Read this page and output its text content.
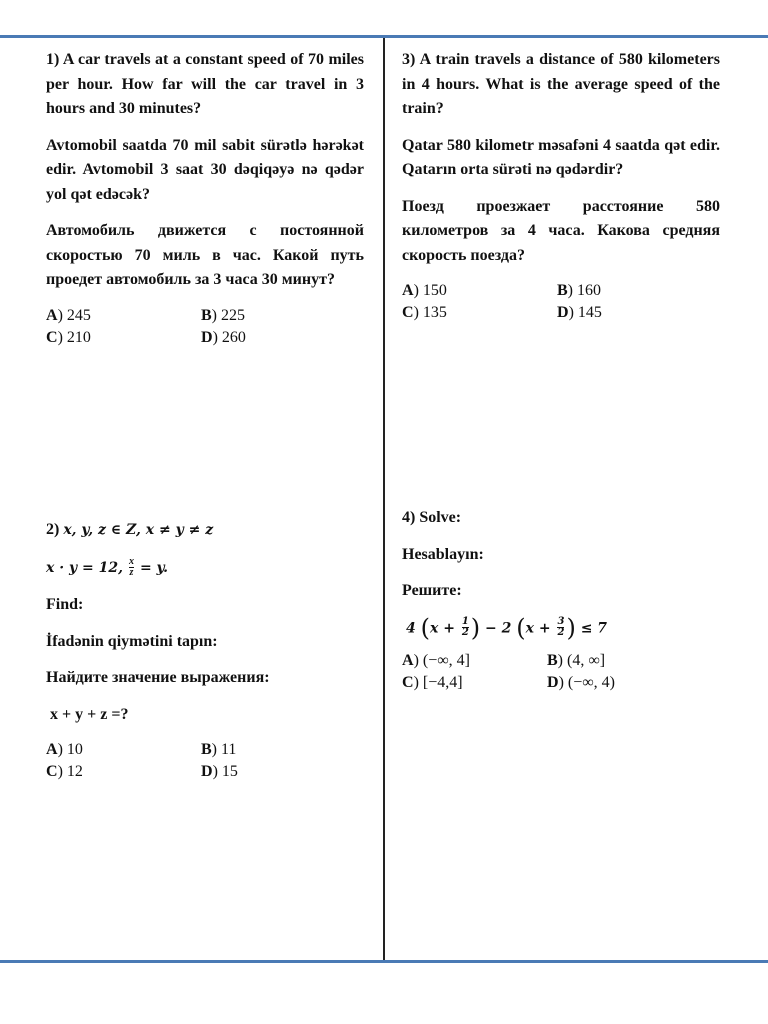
1) A car travels at a constant speed of 70 miles per hour. How far will the car travel in 3 hours and 30 minutes?

Avtomobil saatda 70 mil sabit sürətlə hərəkət edir. Avtomobil 3 saat 30 dəqiqəyə nə qədər yol qət edəcək?

Автомобиль движется с постоянной скоростью 70 миль в час. Какой путь проедет автомобиль за 3 часа 30 минут?

A) 245	B) 225
C) 210	D) 260

2) x, y, z ∈ Z, x ≠ y ≠ z

x · y = 12, $\frac{x}{z} = y$.

Find:

İfadənin qiymətini tapın:

Найдите значение выражения:

x + y + z =?

A) 10	B) 11
C) 12	D) 15

3) A train travels a distance of 580 kilometers in 4 hours. What is the average speed of the train?

Qatar 580 kilometr məsafəni 4 saatda qət edir. Qatarın orta sürəti nə qədərdir?

Поезд проезжает расстояние 580 километров за 4 часа. Какова средняя скорость поезда?

A) 150	B) 160
C) 135	D) 145

4) Solve:

Hesablayın:

Решите:

4 ($x + \frac{1}{2}$ ) − 2 ($x + \frac{3}{2}$ ) ≤ 7

A) (−∞, 4]	B) (4, ∞]
C) [−4,4]	D) (−∞, 4)
